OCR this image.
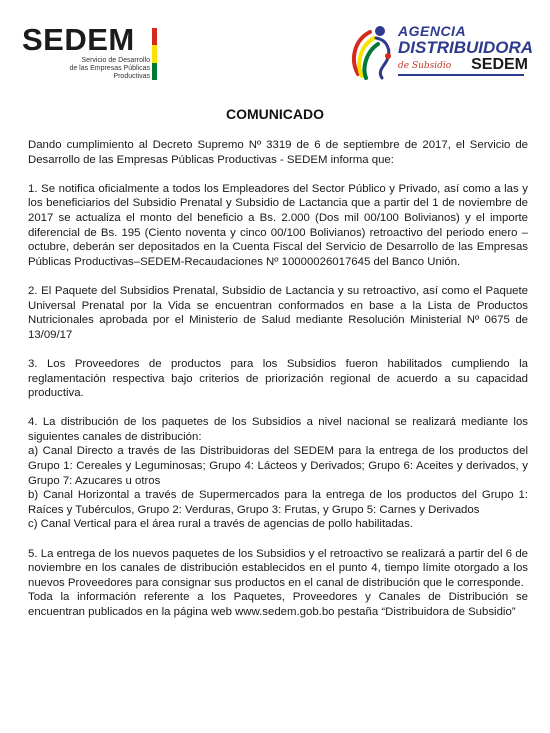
SEDEM
Servicio de Desarrollo
de las Empresas Públicas
Productivas
AGENCIA
DISTRIBUIDORA
de Subsidio SEDEM
COMUNICADO

Dando cumplimiento al Decreto Supremo Nº 3319 de 6 de septiembre de 2017, el Servicio de Desarrollo de las Empresas Públicas Productivas - SEDEM informa que:

1. Se notifica oficialmente a todos los Empleadores del Sector Público y Privado, así como a las y los beneficiarios del Subsidio Prenatal y Subsidio de Lactancia que a partir del 1 de noviembre de 2017 se actualiza el monto del beneficio a Bs. 2.000 (Dos mil 00/100 Bolivianos) y el importe diferencial de Bs. 195 (Ciento noventa y cinco 00/100 Bolivianos) retroactivo del periodo enero – octubre, deberán ser depositados en la Cuenta Fiscal del Servicio de Desarrollo de las Empresas Públicas Productivas–SEDEM-Recaudaciones Nº 10000026017645 del Banco Unión.

2. El Paquete del Subsidios Prenatal, Subsidio de Lactancia y su retroactivo, así como el Paquete Universal Prenatal por la Vida se encuentran conformados en base a la Lista de Productos Nutricionales aprobada por el Ministerio de Salud mediante Resolución Ministerial Nº 0675 de 13/09/17

3. Los Proveedores de productos para los Subsidios fueron habilitados cumpliendo la reglamentación respectiva bajo criterios de priorización regional de acuerdo a su capacidad productiva.

4. La distribución de los paquetes de los Subsidios a nivel nacional se realizará mediante los siguientes canales de distribución:
a) Canal Directo a través de las Distribuidoras del SEDEM para la entrega de los productos del Grupo 1: Cereales y Leguminosas; Grupo 4: Lácteos y Derivados; Grupo 6: Aceites y derivados, y Grupo 7: Azucares u otros
b) Canal Horizontal a través de Supermercados para la entrega de los productos del Grupo 1: Raíces y Tubérculos, Grupo 2: Verduras, Grupo 3: Frutas, y Grupo 5: Carnes y Derivados
c) Canal Vertical para el área rural a través de agencias de pollo habilitadas.
5. La entrega de los nuevos paquetes de los Subsidios y el retroactivo se realizará a partir del 6 de noviembre en los canales de distribución establecidos en el punto 4, tiempo límite otorgado a los nuevos Proveedores para consignar sus productos en el canal de distribución que le corresponde.
Toda la información referente a los Paquetes, Proveedores y Canales de Distribución se encuentran publicados en la página web www.sedem.gob.bo pestaña “Distribuidora de Subsidio”
